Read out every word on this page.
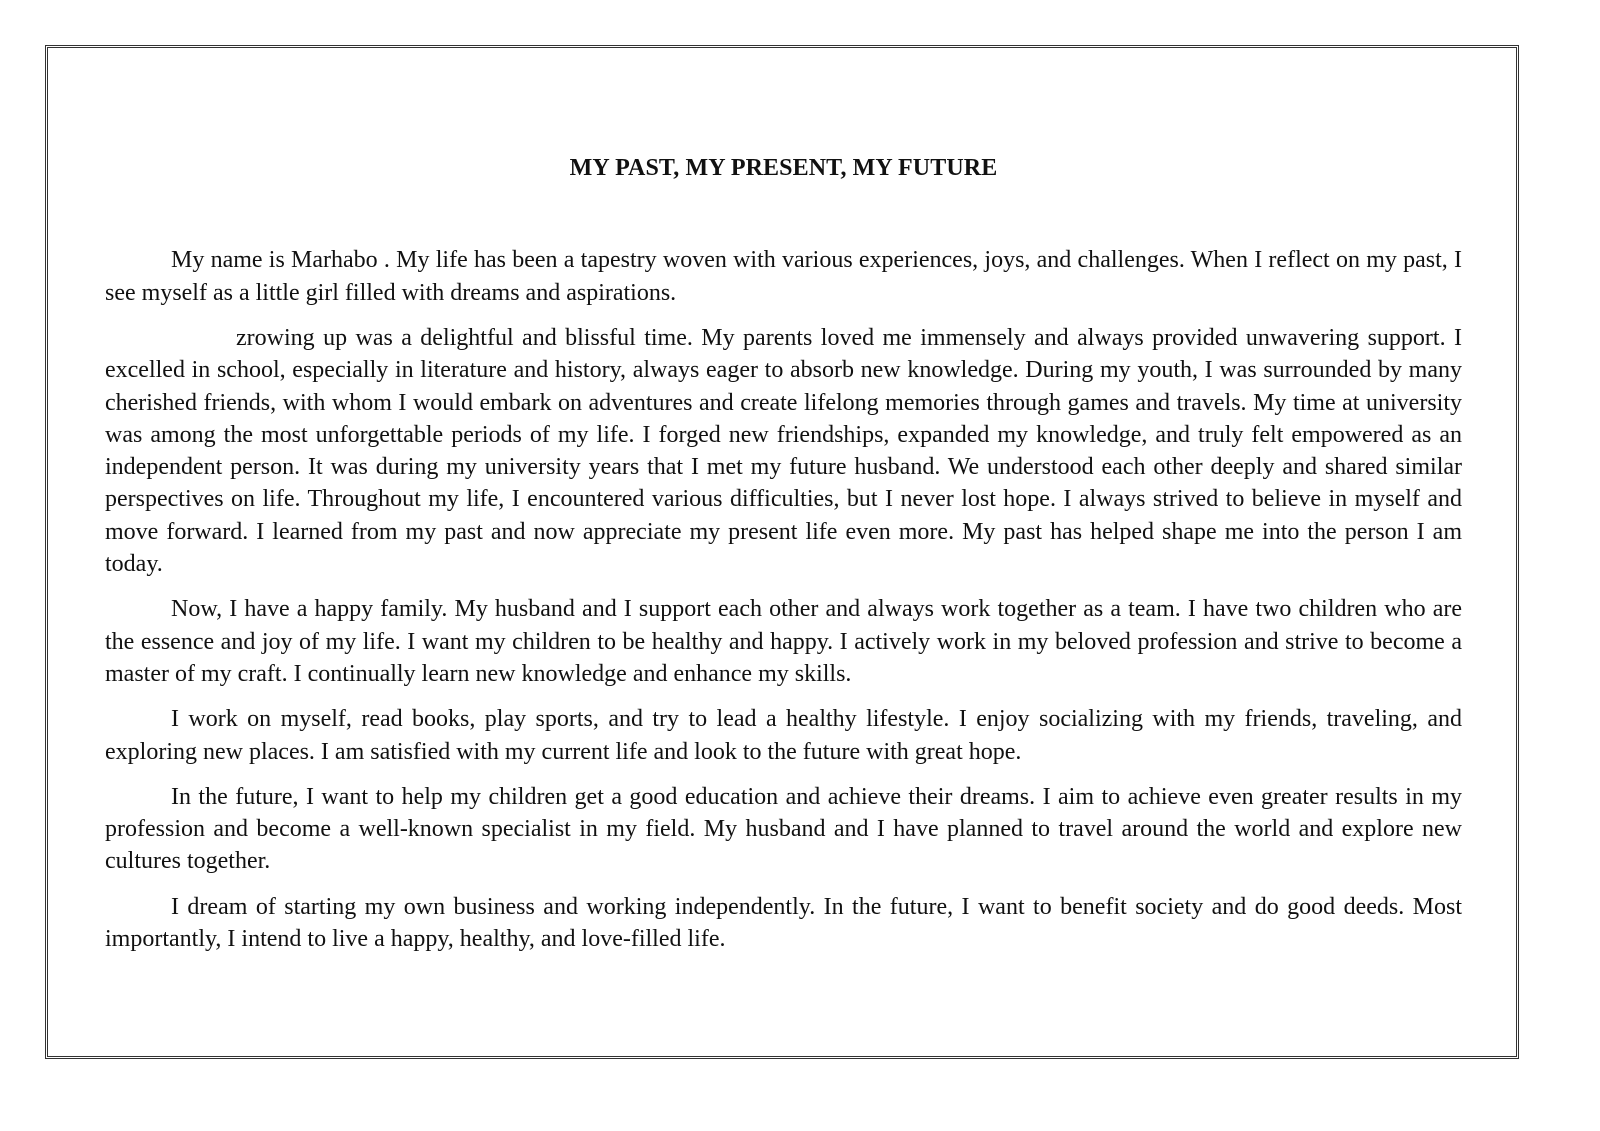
MY PAST, MY PRESENT, MY FUTURE

My name is Marhabo . My life has been a tapestry woven with various experiences, joys, and challenges. When I reflect on my past, I see myself as a little girl filled with dreams and aspirations.

zrowing up was a delightful and blissful time. My parents loved me immensely and always provided unwavering support. I excelled in school, especially in literature and history, always eager to absorb new knowledge. During my youth, I was surrounded by many cherished friends, with whom I would embark on adventures and create lifelong memories through games and travels. My time at university was among the most unforgettable periods of my life. I forged new friendships, expanded my knowledge, and truly felt empowered as an independent person. It was during my university years that I met my future husband. We understood each other deeply and shared similar perspectives on life. Throughout my life, I encountered various difficulties, but I never lost hope. I always strived to believe in myself and move forward. I learned from my past and now appreciate my present life even more. My past has helped shape me into the person I am today.

Now, I have a happy family. My husband and I support each other and always work together as a team. I have two children who are the essence and joy of my life. I want my children to be healthy and happy. I actively work in my beloved profession and strive to become a master of my craft. I continually learn new knowledge and enhance my skills.

I work on myself, read books, play sports, and try to lead a healthy lifestyle. I enjoy socializing with my friends, traveling, and exploring new places. I am satisfied with my current life and look to the future with great hope.

In the future, I want to help my children get a good education and achieve their dreams. I aim to achieve even greater results in my profession and become a well-known specialist in my field. My husband and I have planned to travel around the world and explore new cultures together.

I dream of starting my own business and working independently. In the future, I want to benefit society and do good deeds. Most importantly, I intend to live a happy, healthy, and love-filled life.
